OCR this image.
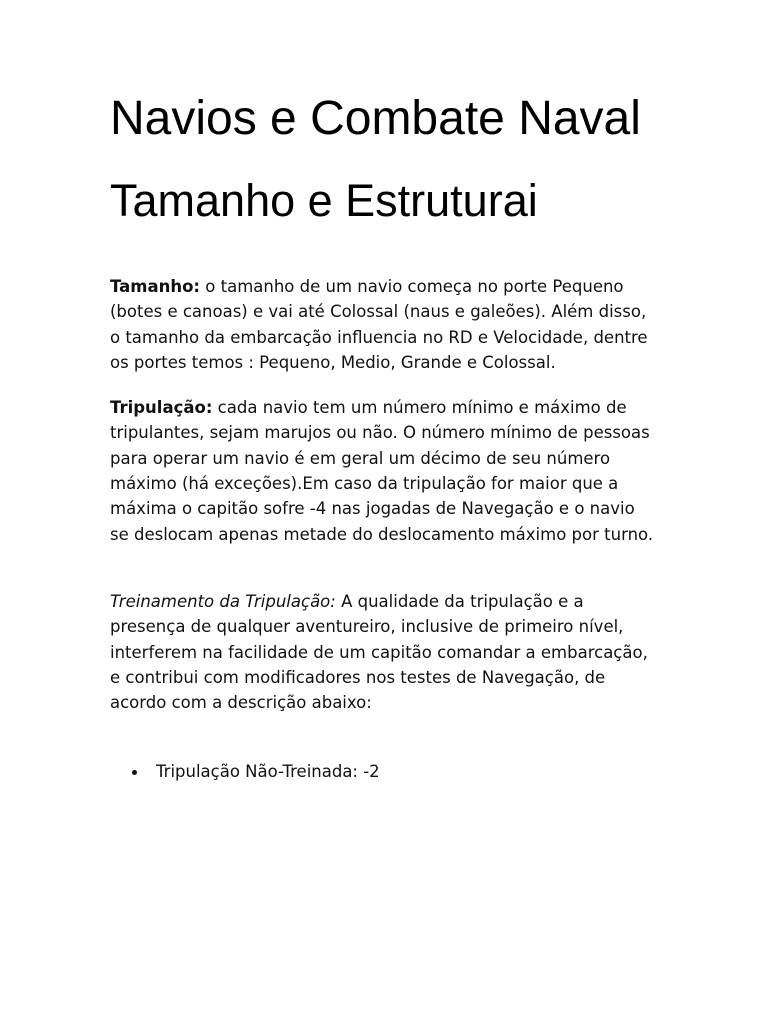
Navios e Combate Naval
Tamanho e Estruturai

Tamanho: o tamanho de um navio começa no porte Pequeno (botes e canoas) e vai até Colossal (naus e galeões). Além disso, o tamanho da embarcação influencia no RD e Velocidade, dentre os portes temos : Pequeno, Medio, Grande e Colossal.

Tripulação: cada navio tem um número mínimo e máximo de tripulantes, sejam marujos ou não. O número mínimo de pessoas para operar um navio é em geral um décimo de seu número máximo (há exceções).Em caso da tripulação for maior que a máxima o capitão sofre -4 nas jogadas de Navegação e o navio se deslocam apenas metade do deslocamento máximo por turno.

Treinamento da Tripulação: A qualidade da tripulação e a presença de qualquer aventureiro, inclusive de primeiro nível, interferem na facilidade de um capitão comandar a embarcação, e contribui com modificadores nos testes de Navegação, de acordo com a descrição abaixo:

Tripulação Não-Treinada: -2
